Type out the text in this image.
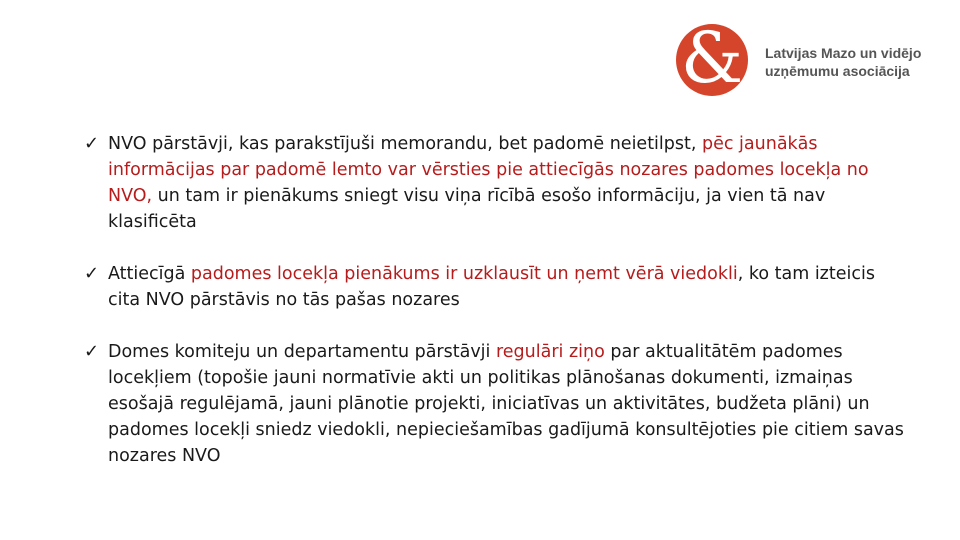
&	Latvijas Mazo un vidējo
uzņēmumu asociācija
✓ NVO pārstāvji, kas parakstījuši memorandu, bet padomē neietilpst, pēc jaunākās informācijas par padomē lemto var vērsties pie attiecīgās nozares padomes locekļa no NVO, un tam ir pienākums sniegt visu viņa rīcībā esošo informāciju, ja vien tā nav klasificēta
✓ Attiecīgā padomes locekļa pienākums ir uzklausīt un ņemt vērā viedokli, ko tam izteicis cita NVO pārstāvis no tās pašas nozares
✓ Domes komiteju un departamentu pārstāvji regulāri ziņo par aktualitātēm padomes locekļiem (topošie jauni normatīvie akti un politikas plānošanas dokumenti, izmaiņas esošajā regulējamā, jauni plānotie projekti, iniciatīvas un aktivitātes, budžeta plāni) un padomes locekļi sniedz viedokli, nepieciešamības gadījumā konsultējoties pie citiem savas nozares NVO
